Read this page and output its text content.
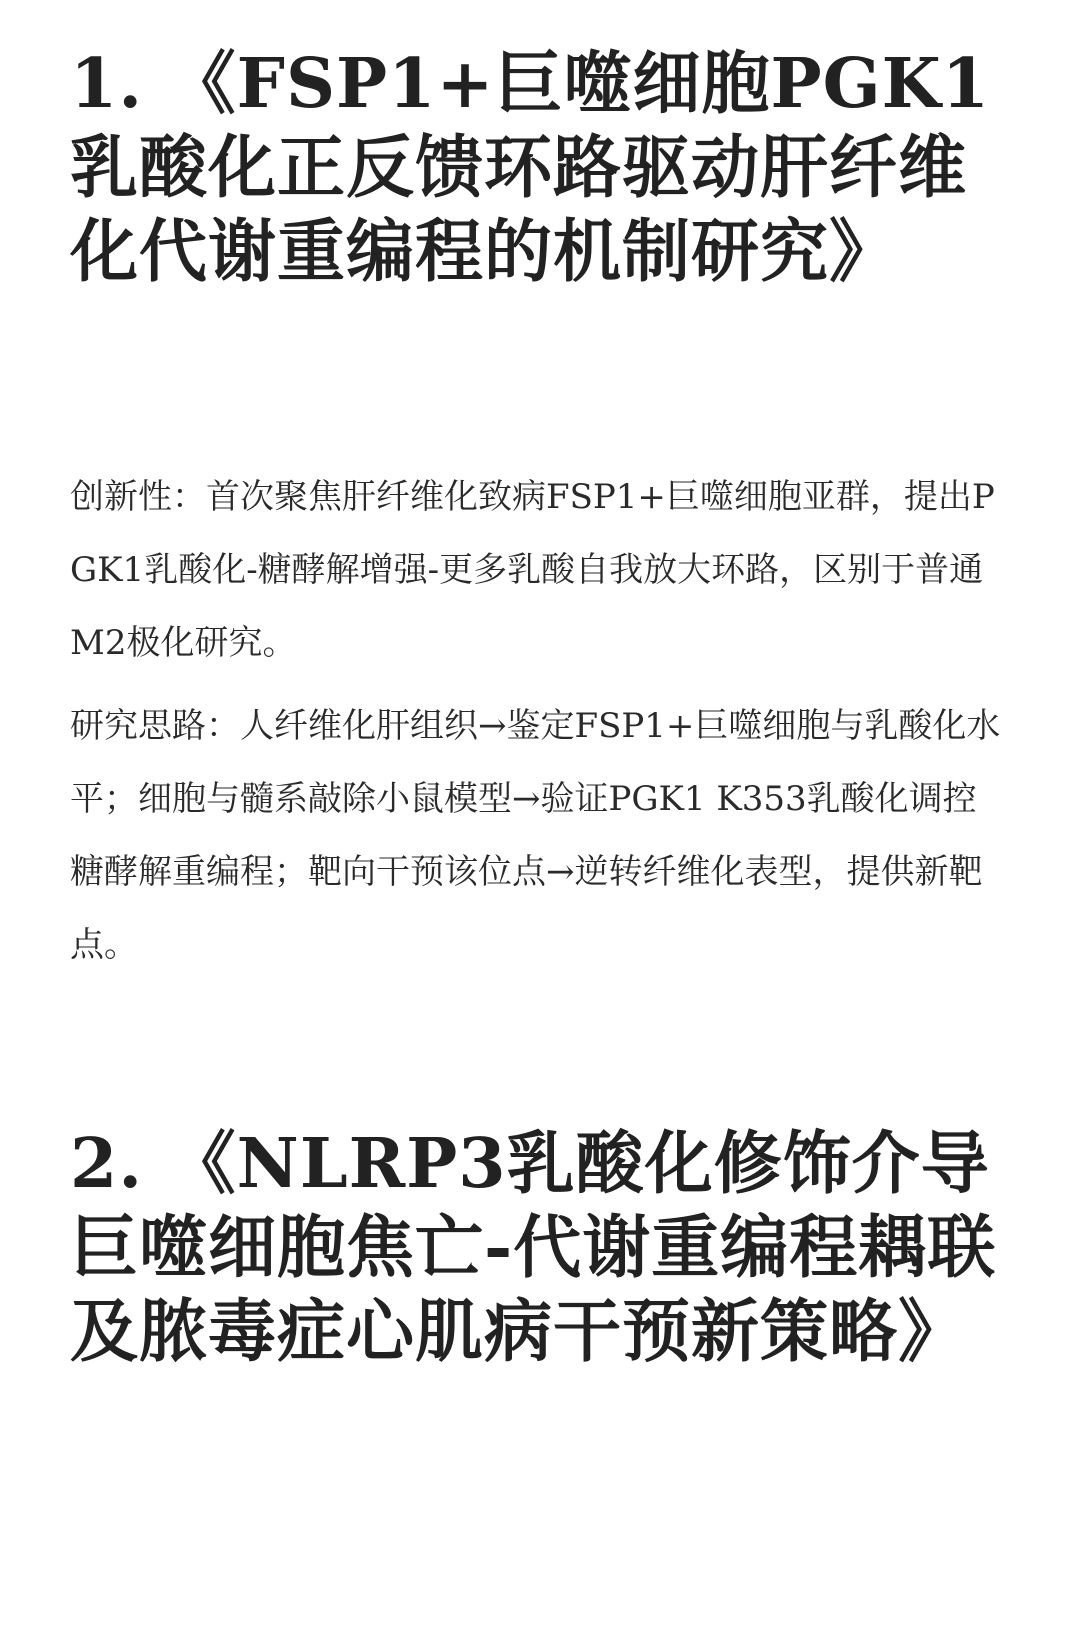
1. 《FSP1+巨噬细胞PGK1乳酸化正反馈环路驱动肝纤维化代谢重编程的机制研究》

创新性：首次聚焦肝纤维化致病FSP1+巨噬细胞亚群，提出PGK1乳酸化-糖酵解增强-更多乳酸自我放大环路，区别于普通M2极化研究。

研究思路：人纤维化肝组织→鉴定FSP1+巨噬细胞与乳酸化水平；细胞与髓系敲除小鼠模型→验证PGK1 K353乳酸化调控糖酵解重编程；靶向干预该位点→逆转纤维化表型，提供新靶点。

2. 《NLRP3乳酸化修饰介导巨噬细胞焦亡-代谢重编程耦联及脓毒症心肌病干预新策略》
